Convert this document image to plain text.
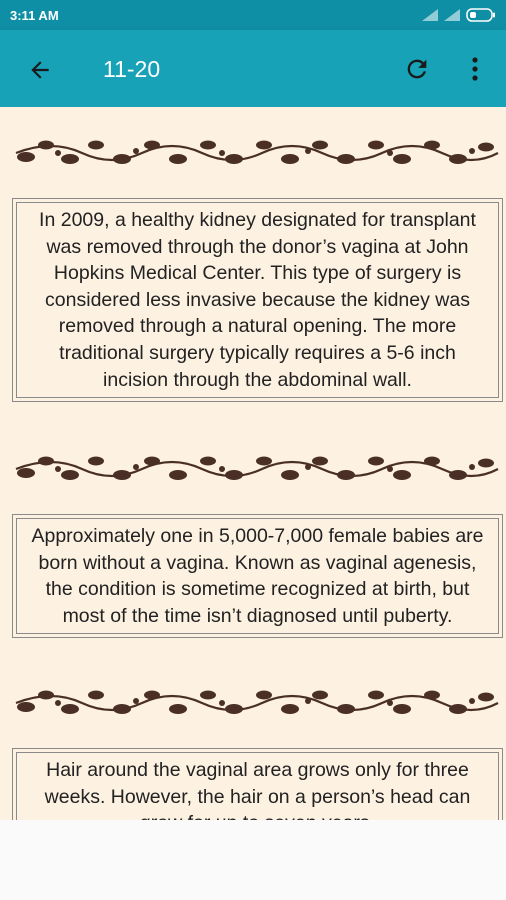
3:11 AM
11-20
In 2009, a healthy kidney designated for transplant was removed through the donor’s vagina at John Hopkins Medical Center. This type of surgery is considered less invasive because the kidney was removed through a natural opening. The more traditional surgery typically requires a 5-6 inch incision through the abdominal wall.
Approximately one in 5,000-7,000 female babies are born without a vagina. Known as vaginal agenesis, the condition is sometime recognized at birth, but most of the time isn’t diagnosed until puberty.
Hair around the vaginal area grows only for three weeks. However, the hair on a person’s head can
